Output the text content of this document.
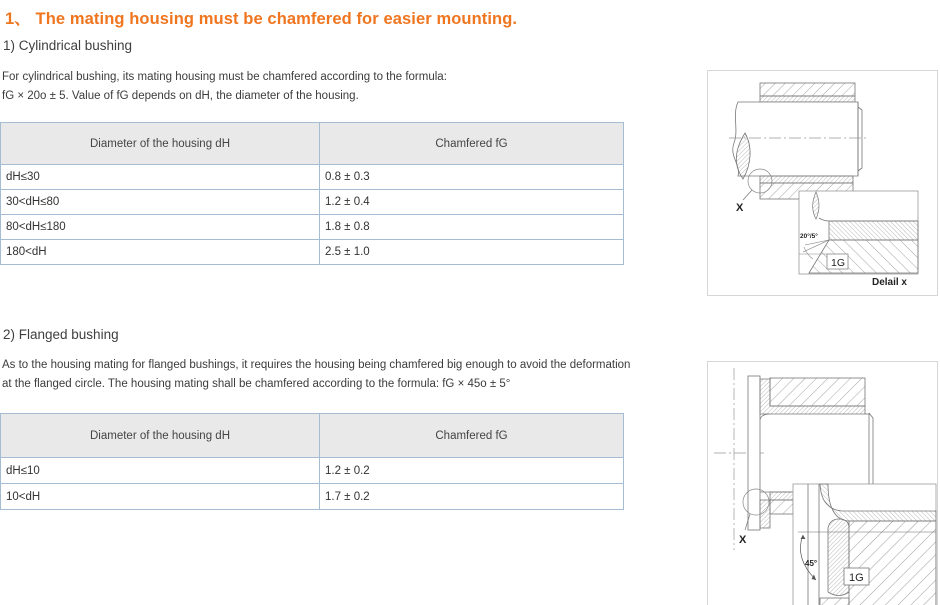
1、 The mating housing must be chamfered for easier mounting.
1) Cylindrical bushing
For cylindrical bushing, its mating housing must be chamfered according to the formula:
fG × 20o ± 5. Value of fG depends on dH, the diameter of the housing.
Diameter of the housing dH	Chamfered fG
dH≤30	0.8 ± 0.3
30<dH≤80	1.2 ± 0.4
80<dH≤180	1.8 ± 0.8
180<dH	2.5 ± 1.0
2) Flanged bushing
As to the housing mating for flanged bushings, it requires the housing being chamfered big enough to avoid the deformation
at the flanged circle. The housing mating shall be chamfered according to the formula: fG × 45o ± 5°
Diameter of the housing dH	Chamfered fG
dH≤10	1.2 ± 0.2
10<dH	1.7 ± 0.2
X
20°/5°
1G
Delail x
X
45°
1G
